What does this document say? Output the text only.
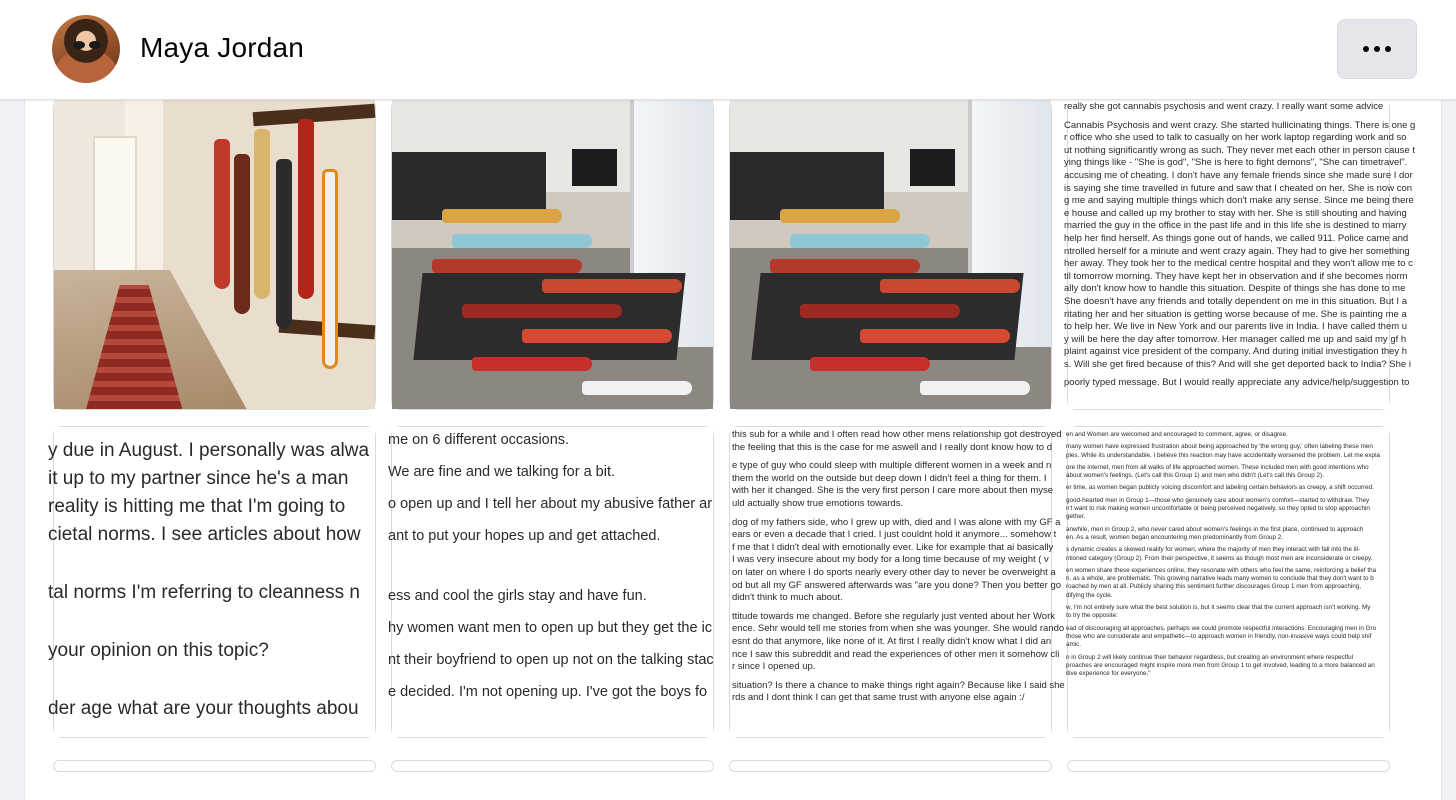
Maya Jordan

really she got cannabis psychosis and went crazy. I really want some advice

Cannabis Psychosis and went crazy. She started hullicinating things. There is one g

r office who she used to talk to casually on her work laptop regarding work and so

ut nothing significantly wrong as such. They never met each other in person cause t

ying things like - "She is god", "She is here to fight demons", "She can timetravel".

accusing me of cheating. I don't have any female friends since she made sure I dor

is saying she time travelled in future and saw that I cheated on her. She is now con

g me and saying multiple things which don't make any sense. Since me being there

e house and called up my brother to stay with her. She is still shouting and having

married the guy in the office in the past life and in this life she is destined to marry

help her find herself. As things gone out of hands, we called 911. Police came and

ntrolled herself for a minute and went crazy again. They had to give her something

her away. They took her to the medical centre hospital and they won't allow me to c

til tomorrow morning. They have kept her in observation and if she becomes norm

ally don't know how to handle this situation. Despite of things she has done to me

She doesn't have any friends and totally dependent on me in this situation. But I a

ritating her and her situation is getting worse because of me. She is painting me a

to help her. We live in New York and our parents live in India. I have called them u

y will be here the day after tomorrow. Her manager called me up and said my gf h

plaint against vice president of the company. And during initial investigation they h

s. Will she get fired because of this? And will she get deported back to India? She i

poorly typed message. But I would really appreciate any advice/help/suggestion to

y due in August. I personally was alwa

it up to my partner since he's a man

reality is hitting me that I'm going to

cietal norms. I see articles about how

tal norms I'm referring to cleanness n

your opinion on this topic?

der age what are your thoughts abou

me on 6 different occasions.

We are fine and we talking for a bit.

o open up and I tell her about my abusive father ar

ant to put your hopes up and get attached.

ess and cool the girls stay and have fun.

hy women want men to open up but they get the ic

nt their boyfriend to open up not on the talking stac

e decided. I'm not opening up. I've got the boys fo

this sub for a while and I often read how other mens relationship got destroyed

the feeling that this is the case for me aswell and I really dont know how to d

e type of guy who could sleep with multiple different women in a week and n

them the world on the outside but deep down I didn't feel a thing for them. I

with her it changed. She is the very first person I care more about then myse

uld actually show true emotions towards.

dog of my fathers side, who I grew up with, died and I was alone with my GF a

ears or even a decade that I cried. I just couldnt hold it anymore... somehow t

f me that I didn't deal with emotionally ever. Like for example that ai basically

I was very insecure about my body for a long time because of my weight ( v

on later on where I do sports nearly every other day to never be overweight a

od but all my GF answered afterwards was "are you done? Then you better go

didn't think to much about.

ttitude towards me changed. Before she regularly just vented about her Work

ence. Sehr would tell me stories from when she was younger. She would rando

esnt do that anymore, like none of it. At first I really didn't know what I did an

nce I saw this subreddit and read the experiences of other men it somehow cli

r since I opened up.

situation? Is there a chance to make things right again? Because like I said she

rds and I dont think I can get that same trust with anyone else again :/

en and Women are welcomed and encouraged to comment, agree, or disagree.

many women have expressed frustration about being approached by 'the wrong guy,' often labeling these men

ples. While its understandable, I believe this reaction may have accidentally worsened the problem. Let me expla

ore the internet, men from all walks of life approached women. These included men with good intentions who

about women's feelings. (Let's call this Group 1) and men who didn't (Let's call this Group 2).

er time, as women began publicly voicing discomfort and labeling certain behaviors as creepy, a shift occurred.

good-hearted men in Group 1—those who genuinely care about women's comfort—started to withdraw. They

n't want to risk making women uncomfortable or being perceived negatively, so they opted to stop approachin

gether.

anwhile, men in Group 2, who never cared about women's feelings in the first place, continued to approach

en. As a result, women began encountering men predominantly from Group 2.

s dynamic creates a skewed reality for women, where the majority of men they interact with fall into the ill-

ntioned category (Group 2). From their perspective, it seems as though most men are inconsiderate or creepy.

en women share these experiences online, they resonate with others who feel the same, reinforcing a belief tha

n, as a whole, are problematic. This growing narrative leads many women to conclude that they don't want to b

roached by men at all. Publicly sharing this sentiment further discourages Group 1 men from approaching,

difying the cycle.

w, I'm not entirely sure what the best solution is, but it seems clear that the current approach isn't working. My

to try the opposite:

ead of discouraging all approaches, perhaps we could promote respectful interactions. Encouraging men in Gro

those who are considerate and empathetic—to approach women in friendly, non-invasive ways could help shif

amic.

n in Group 2 will likely continue their behavior regardless, but creating an environment where respectful

proaches are encouraged might inspire more men from Group 1 to get involved, leading to a more balanced an

itive experience for everyone."
